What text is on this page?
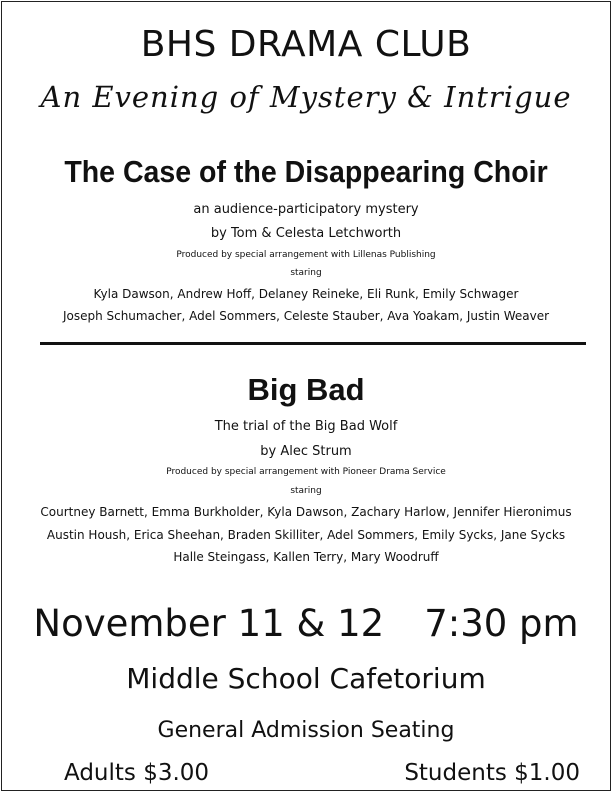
BHS DRAMA CLUB
An Evening of Mystery & Intrigue
The Case of the Disappearing Choir
an audience-participatory mystery
by Tom & Celesta Letchworth
Produced by special arrangement with Lillenas Publishing
staring
Kyla Dawson, Andrew Hoff, Delaney Reineke, Eli Runk, Emily Schwager
Joseph Schumacher, Adel Sommers, Celeste Stauber, Ava Yoakam, Justin Weaver
Big Bad
The trial of the Big Bad Wolf
by Alec Strum
Produced by special arrangement with Pioneer Drama Service
staring
Courtney Barnett, Emma Burkholder, Kyla Dawson, Zachary Harlow, Jennifer Hieronimus
Austin Housh, Erica Sheehan, Braden Skilliter, Adel Sommers, Emily Sycks, Jane Sycks
Halle Steingass, Kallen Terry, Mary Woodruff
November 11 & 12 7:30 pm
Middle School Cafetorium
General Admission Seating
Adults $3.00	Students $1.00
